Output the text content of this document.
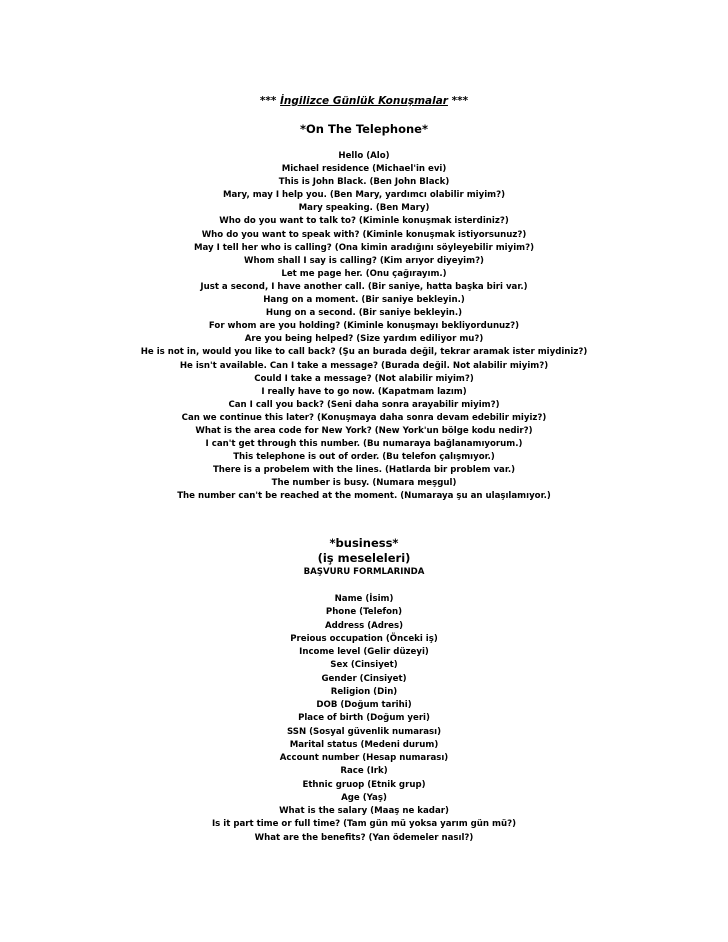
*** İngilizce Günlük Konuşmalar ***
*On The Telephone*
Hello (Alo)
Michael residence (Michael'in evi)
This is John Black. (Ben John Black)
Mary, may I help you. (Ben Mary, yardımcı olabilir miyim?)
Mary speaking. (Ben Mary)
Who do you want to talk to? (Kiminle konuşmak isterdiniz?)
Who do you want to speak with? (Kiminle konuşmak istiyorsunuz?)
May I tell her who is calling? (Ona kimin aradığını söyleyebilir miyim?)
Whom shall I say is calling? (Kim arıyor diyeyim?)
Let me page her. (Onu çağırayım.)
Just a second, I have another call. (Bir saniye, hatta başka biri var.)
Hang on a moment. (Bir saniye bekleyin.)
Hung on a second. (Bir saniye bekleyin.)
For whom are you holding? (Kiminle konuşmayı bekliyordunuz?)
Are you being helped? (Size yardım ediliyor mu?)
He is not in, would you like to call back? (Şu an burada değil, tekrar aramak ister miydiniz?)
He isn't available. Can I take a message? (Burada değil. Not alabilir miyim?)
Could I take a message? (Not alabilir miyim?)
I really have to go now. (Kapatmam lazım)
Can I call you back? (Seni daha sonra arayabilir miyim?)
Can we continue this later? (Konuşmaya daha sonra devam edebilir miyiz?)
What is the area code for New York? (New York'un bölge kodu nedir?)
I can't get through this number. (Bu numaraya bağlanamıyorum.)
This telephone is out of order. (Bu telefon çalışmıyor.)
There is a probelem with the lines. (Hatlarda bir problem var.)
The number is busy. (Numara meşgul)
The number can't be reached at the moment. (Numaraya şu an ulaşılamıyor.)
*business*
(iş meseleleri)
BAŞVURU FORMLARINDA
Name (İsim)
Phone (Telefon)
Address (Adres)
Preious occupation (Önceki iş)
Income level (Gelir düzeyi)
Sex (Cinsiyet)
Gender (Cinsiyet)
Religion (Din)
DOB (Doğum tarihi)
Place of birth (Doğum yeri)
SSN (Sosyal güvenlik numarası)
Marital status (Medeni durum)
Account number (Hesap numarası)
Race (Irk)
Ethnic gruop (Etnik grup)
Age (Yaş)
What is the salary (Maaş ne kadar)
Is it part time or full time? (Tam gün mü yoksa yarım gün mü?)
What are the benefits? (Yan ödemeler nasıl?)
